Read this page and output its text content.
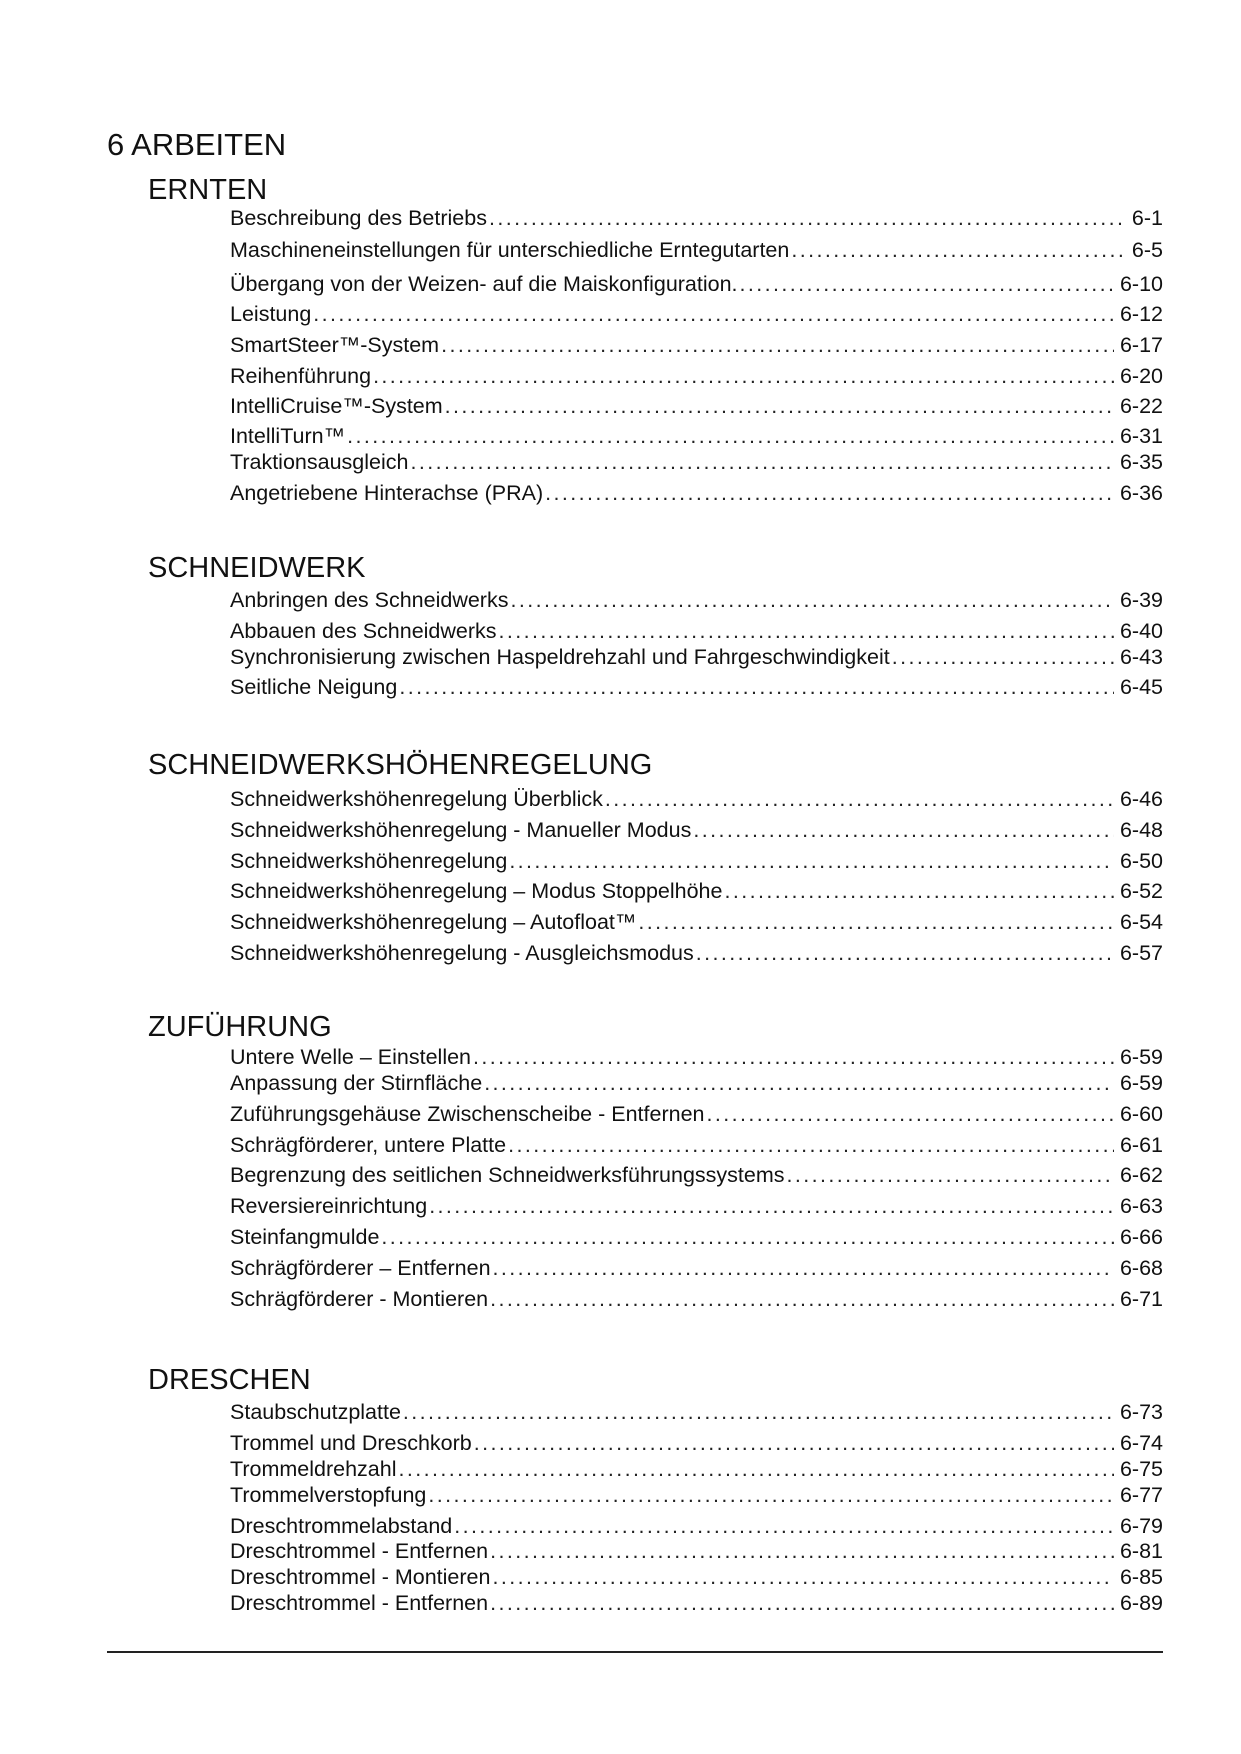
6 ARBEITEN
ERNTEN
Beschreibung des Betriebs .....	6-1
Maschineneinstellungen für unterschiedliche Erntegutarten .....	6-5
Übergang von der Weizen- auf die Maiskonfiguration. .....	6-10
Leistung .....	6-12
SmartSteer™-System .....	6-17
Reihenführung .....	6-20
IntelliCruise™-System .....	6-22
IntelliTurn™ .....	6-31
Traktionsausgleich .....	6-35
Angetriebene Hinterachse (PRA) .....	6-36
SCHNEIDWERK
Anbringen des Schneidwerks .....	6-39
Abbauen des Schneidwerks .....	6-40
Synchronisierung zwischen Haspeldrehzahl und Fahrgeschwindigkeit .....	6-43
Seitliche Neigung .....	6-45
SCHNEIDWERKSHÖHENREGELUNG
Schneidwerkshöhenregelung Überblick .....	6-46
Schneidwerkshöhenregelung - Manueller Modus .....	6-48
Schneidwerkshöhenregelung .....	6-50
Schneidwerkshöhenregelung – Modus Stoppelhöhe .....	6-52
Schneidwerkshöhenregelung – Autofloat™ .....	6-54
Schneidwerkshöhenregelung - Ausgleichsmodus .....	6-57
ZUFÜHRUNG
Untere Welle – Einstellen .....	6-59
Anpassung der Stirnfläche .....	6-59
Zuführungsgehäuse Zwischenscheibe - Entfernen .....	6-60
Schrägförderer, untere Platte .....	6-61
Begrenzung des seitlichen Schneidwerksführungssystems .....	6-62
Reversiereinrichtung .....	6-63
Steinfangmulde .....	6-66
Schrägförderer – Entfernen .....	6-68
Schrägförderer - Montieren .....	6-71
DRESCHEN
Staubschutzplatte .....	6-73
Trommel und Dreschkorb .....	6-74
Trommeldrehzahl .....	6-75
Trommelverstopfung .....	6-77
Dreschtrommelabstand .....	6-79
Dreschtrommel - Entfernen .....	6-81
Dreschtrommel - Montieren .....	6-85
Dreschtrommel - Entfernen .....	6-89
